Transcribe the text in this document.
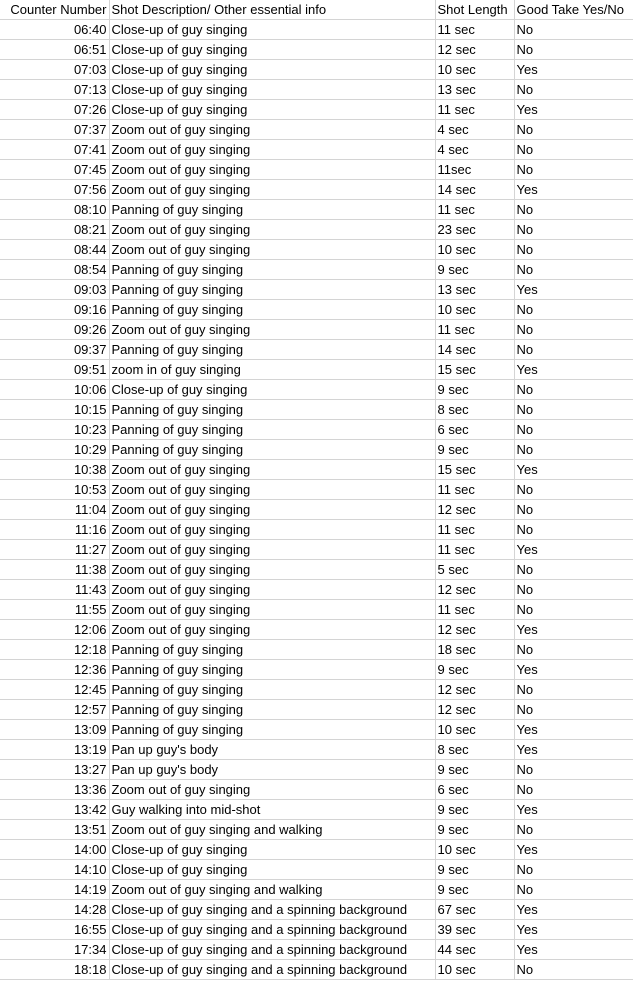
Counter Number	Shot Description/ Other essential info	Shot Length	Good Take Yes/No
06:40	Close-up of guy singing	11 sec	No
06:51	Close-up of guy singing	12 sec	No
07:03	Close-up of guy singing	10 sec	Yes
07:13	Close-up of guy singing	13 sec	No
07:26	Close-up of guy singing	11 sec	Yes
07:37	Zoom out of guy singing	4 sec	No
07:41	Zoom out of guy singing	4 sec	No
07:45	Zoom out of guy singing	11sec	No
07:56	Zoom out of guy singing	14 sec	Yes
08:10	Panning of guy singing	11 sec	No
08:21	Zoom out of guy singing	23 sec	No
08:44	Zoom out of guy singing	10 sec	No
08:54	Panning of guy singing	9 sec	No
09:03	Panning of guy singing	13 sec	Yes
09:16	Panning of guy singing	10 sec	No
09:26	Zoom out of guy singing	11 sec	No
09:37	Panning of guy singing	14 sec	No
09:51	zoom in of guy singing	15 sec	Yes
10:06	Close-up of guy singing	9 sec	No
10:15	Panning of guy singing	8 sec	No
10:23	Panning of guy singing	6 sec	No
10:29	Panning of guy singing	9 sec	No
10:38	Zoom out of guy singing	15 sec	Yes
10:53	Zoom out of guy singing	11 sec	No
11:04	Zoom out of guy singing	12 sec	No
11:16	Zoom out of guy singing	11 sec	No
11:27	Zoom out of guy singing	11 sec	Yes
11:38	Zoom out of guy singing	5 sec	No
11:43	Zoom out of guy singing	12 sec	No
11:55	Zoom out of guy singing	11 sec	No
12:06	Zoom out of guy singing	12 sec	Yes
12:18	Panning of guy singing	18 sec	No
12:36	Panning of guy singing	9 sec	Yes
12:45	Panning of guy singing	12 sec	No
12:57	Panning of guy singing	12 sec	No
13:09	Panning of guy singing	10 sec	Yes
13:19	Pan up guy's body	8 sec	Yes
13:27	Pan up guy's body	9 sec	No
13:36	Zoom out of guy singing	6 sec	No
13:42	Guy walking into mid-shot	9 sec	Yes
13:51	Zoom out of guy singing and walking	9 sec	No
14:00	Close-up of guy singing	10 sec	Yes
14:10	Close-up of guy singing	9 sec	No
14:19	Zoom out of guy singing and walking	9 sec	No
14:28	Close-up of guy singing and a spinning background	67 sec	Yes
16:55	Close-up of guy singing and a spinning background	39 sec	Yes
17:34	Close-up of guy singing and a spinning background	44 sec	Yes
18:18	Close-up of guy singing and a spinning background	10 sec	No
